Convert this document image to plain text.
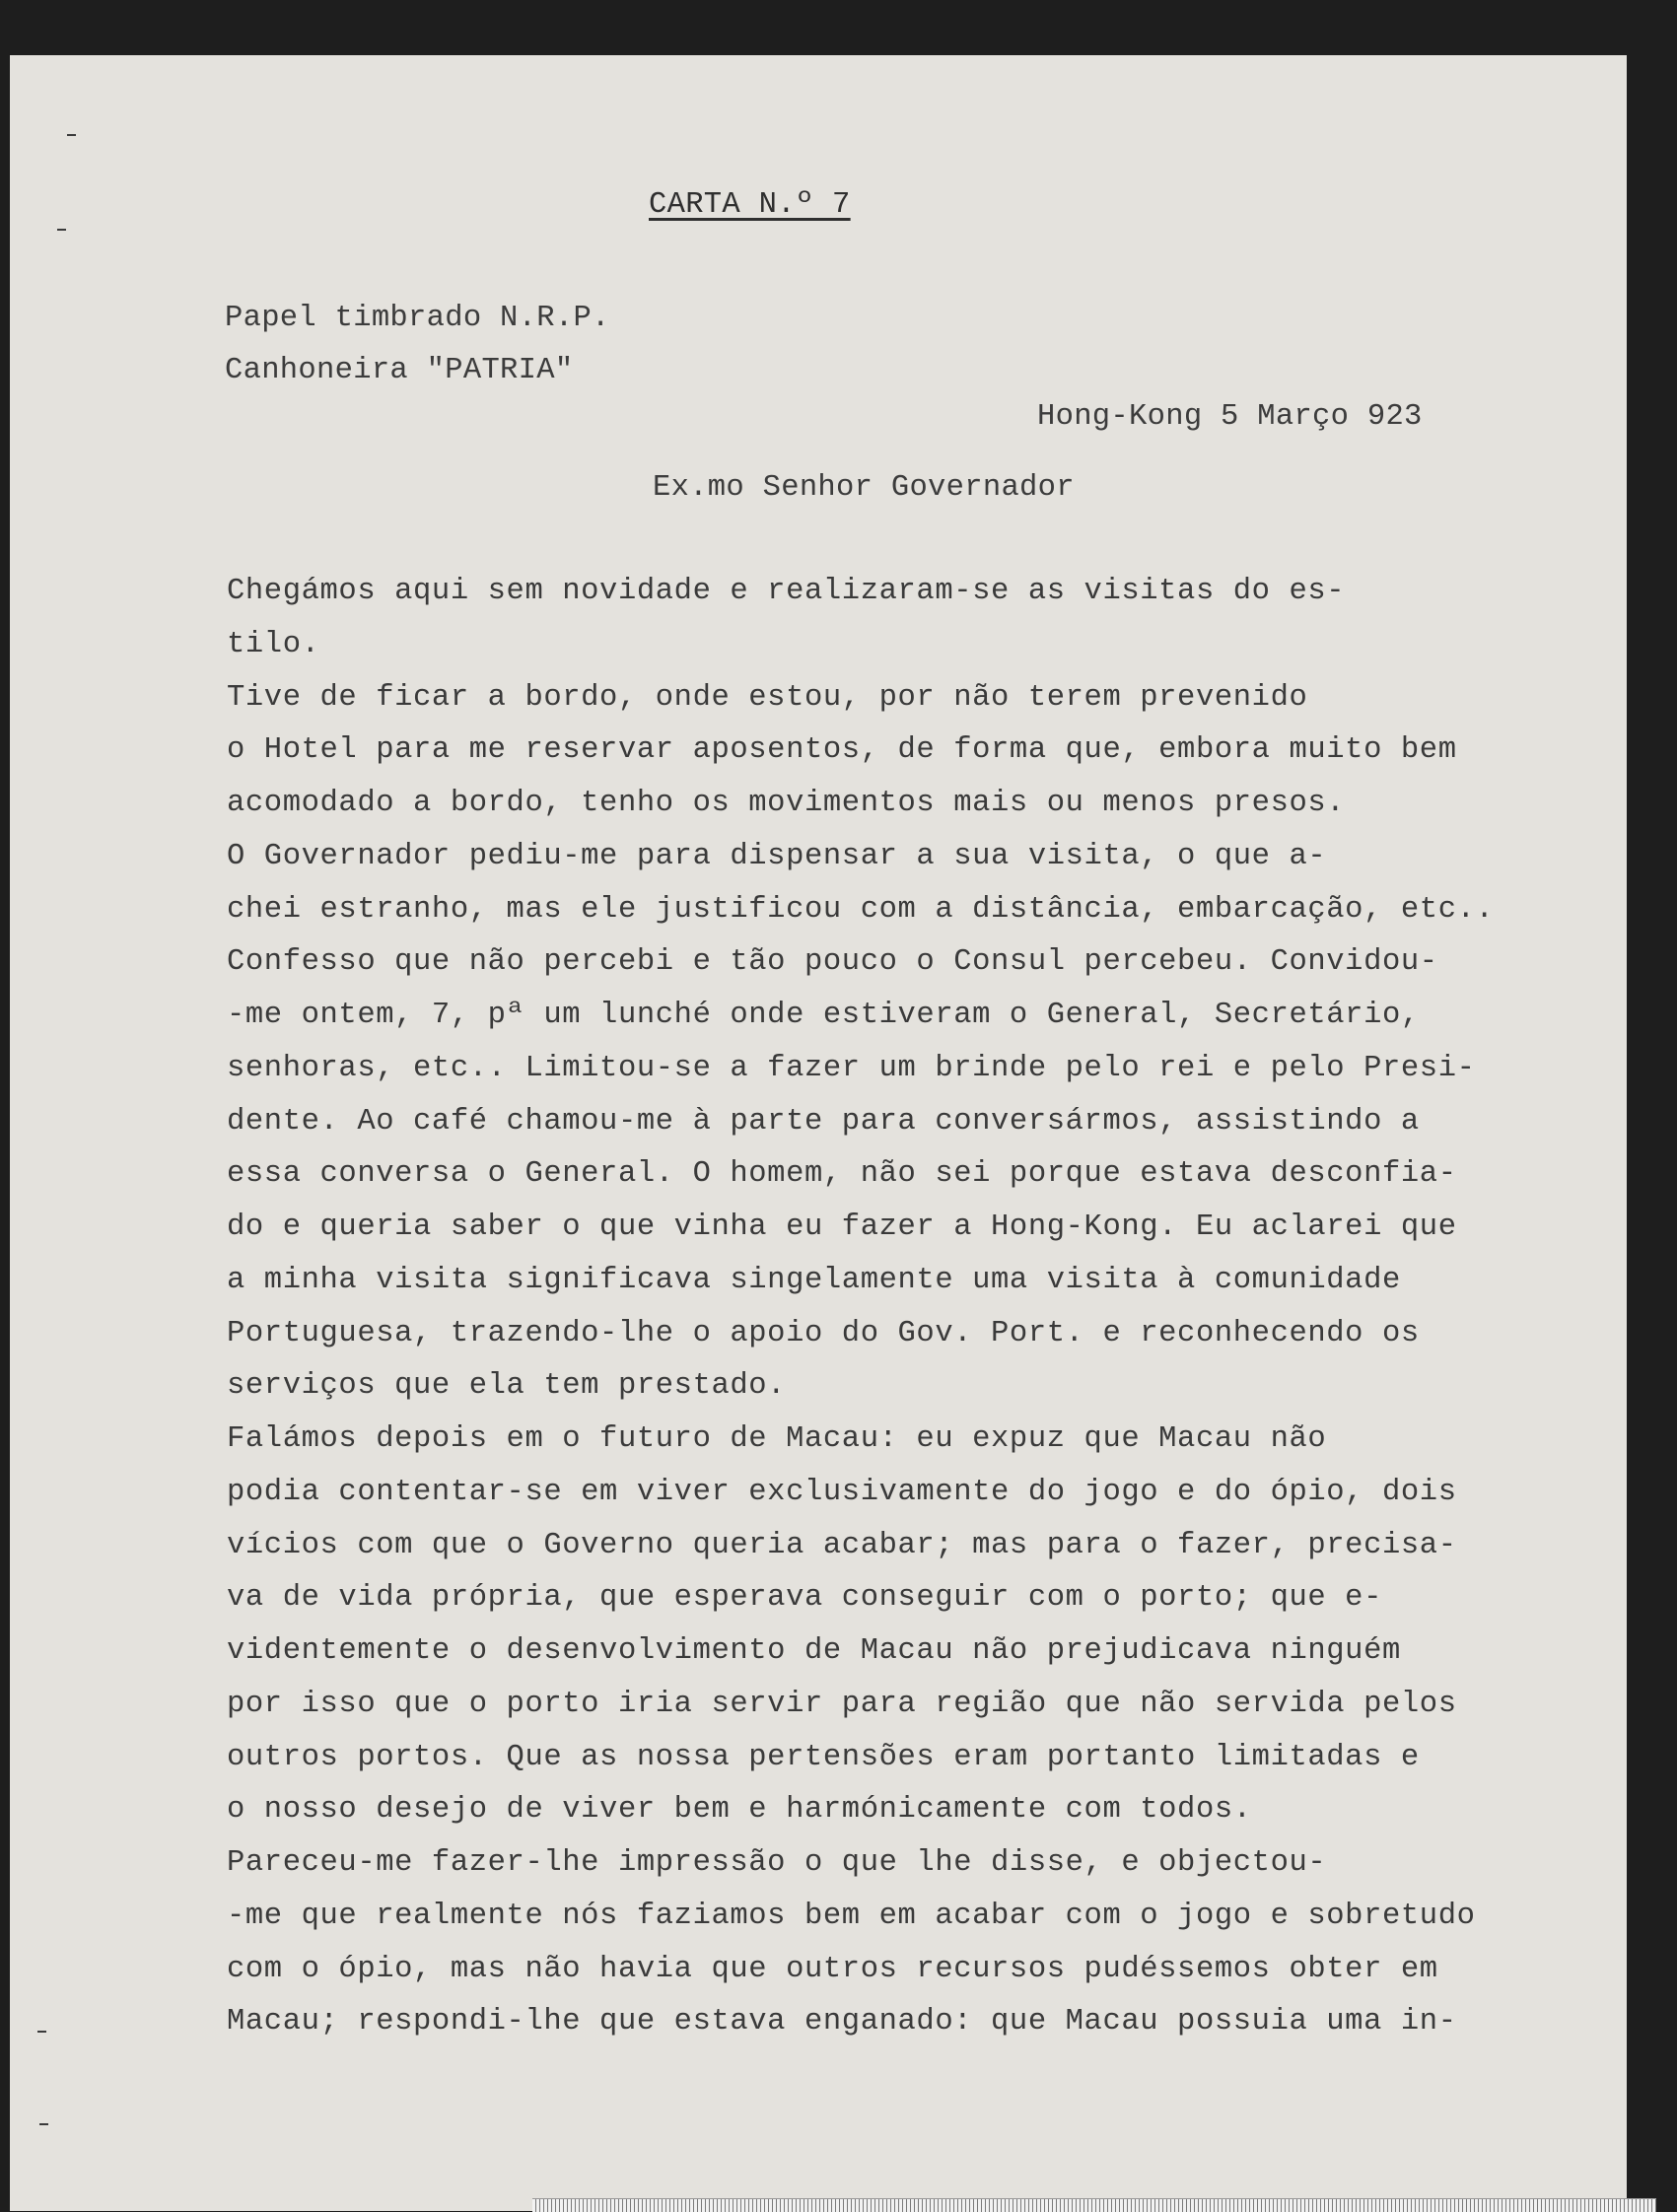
CARTA N.º 7
Papel timbrado N.R.P.
Canhoneira "PATRIA"
Hong-Kong 5 Março 923
Ex.mo Senhor Governador
Chegámos aqui sem novidade e realizaram-se as visitas do es-
tilo.
Tive de ficar a bordo, onde estou, por não terem prevenido
o Hotel para me reservar aposentos, de forma que, embora muito bem
acomodado a bordo, tenho os movimentos mais ou menos presos.
O Governador pediu-me para dispensar a sua visita, o que a-
chei estranho, mas ele justificou com a distância, embarcação, etc..
Confesso que não percebi e tão pouco o Consul percebeu. Convidou-
-me ontem, 7, pª um lunché onde estiveram o General, Secretário,
senhoras, etc.. Limitou-se a fazer um brinde pelo rei e pelo Presi-
dente. Ao café chamou-me à parte para conversármos, assistindo a
essa conversa o General. O homem, não sei porque estava desconfia-
do e queria saber o que vinha eu fazer a Hong-Kong. Eu aclarei que
a minha visita significava singelamente uma visita à comunidade
Portuguesa, trazendo-lhe o apoio do Gov. Port. e reconhecendo os
serviços que ela tem prestado.
Falámos depois em o futuro de Macau: eu expuz que Macau não
podia contentar-se em viver exclusivamente do jogo e do ópio, dois
vícios com que o Governo queria acabar; mas para o fazer, precisa-
va de vida própria, que esperava conseguir com o porto; que e-
videntemente o desenvolvimento de Macau não prejudicava ninguém
por isso que o porto iria servir para região que não servida pelos
outros portos. Que as nossa pertensões eram portanto limitadas e
o nosso desejo de viver bem e harmónicamente com todos.
Pareceu-me fazer-lhe impressão o que lhe disse, e objectou-
-me que realmente nós faziamos bem em acabar com o jogo e sobretudo
com o ópio, mas não havia que outros recursos pudéssemos obter em
Macau; respondi-lhe que estava enganado: que Macau possuia uma in-
